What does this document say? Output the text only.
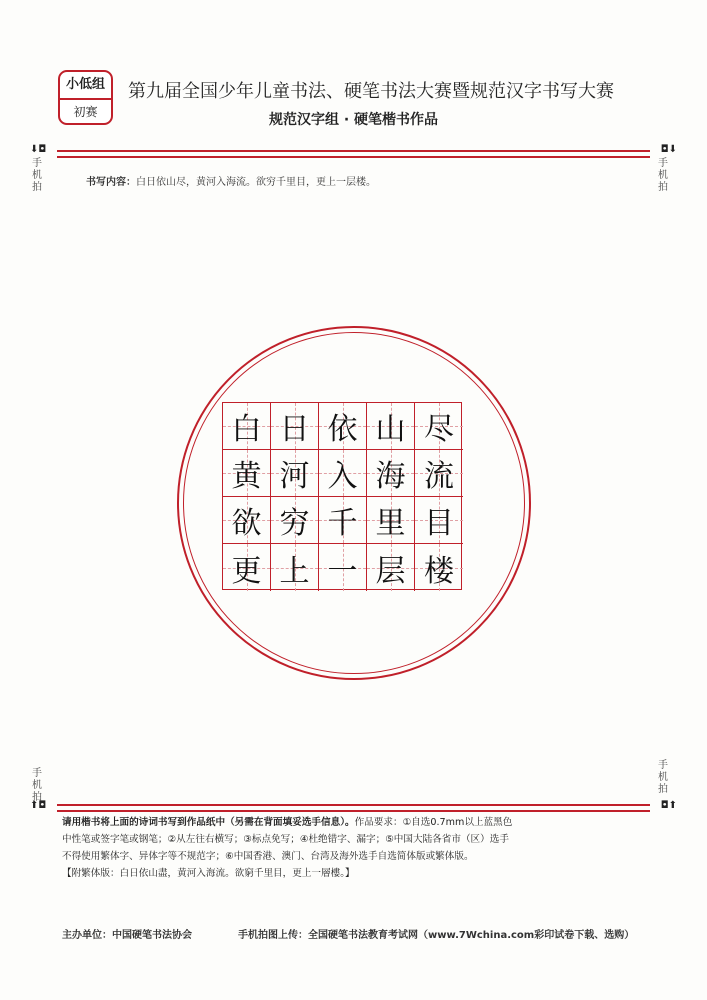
小低组
初赛
第九届全国少年儿童书法、硬笔书法大赛暨规范汉字书写大赛
规范汉字组 · 硬笔楷书作品
⬇◘	◘⬇
手机拍
手机拍
书写内容：白日依山尽，黄河入海流。欲穷千里目，更上一层楼。
白 日 依 山 尽
黄 河 入 海 流
欲 穷 千 里 目
更 上 一 层 楼
手机拍
手机拍
⬆◘	◘⬆
请用楷书将上面的诗词书写到作品纸中（另需在背面填妥选手信息）。作品要求：①自选0.7mm以上蓝黑色
中性笔或签字笔或钢笔；②从左往右横写；③标点免写；④杜绝错字、漏字；⑤中国大陆各省市（区）选手
不得使用繁体字、异体字等不规范字；⑥中国香港、澳门、台湾及海外选手自选简体版或繁体版。
【附繁体版：白日依山盡，黄河入海流。欲窮千里目，更上一層樓。】
主办单位：中国硬笔书法协会	手机拍图上传：全国硬笔书法教育考试网（www.7Wchina.com彩印试卷下载、选购）
